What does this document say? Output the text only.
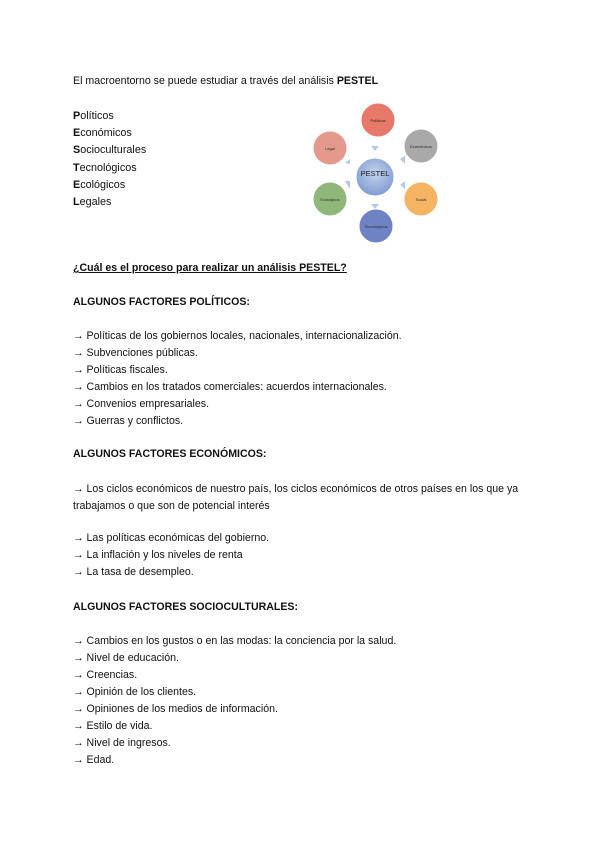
El macroentorno se puede estudiar a través del análisis PESTEL
Políticos
Económicos
Socioculturales
Tecnológicos
Ecológicos
Legales
PESTEL
Políticos
Económicos
Social
Tecnológicos
Ecológicos
Legal
¿Cuál es el proceso para realizar un análisis PESTEL?
ALGUNOS FACTORES POLÍTICOS:
→ Políticas de los gobiernos locales, nacionales, internacionalización.
→ Subvenciones públicas.
→ Políticas fiscales.
→ Cambios en los tratados comerciales: acuerdos internacionales.
→ Convenios empresariales.
→ Guerras y conflictos.
ALGUNOS FACTORES ECONÓMICOS:
→ Los ciclos económicos de nuestro país, los ciclos económicos de otros países en los que ya trabajamos o que son de potencial interés
→ Las políticas económicas del gobierno.
→ La inflación y los niveles de renta
→ La tasa de desempleo.
ALGUNOS FACTORES SOCIOCULTURALES:
→ Cambios en los gustos o en las modas: la conciencia por la salud.
→ Nivel de educación.
→ Creencias.
→ Opinión de los clientes.
→ Opiniones de los medios de información.
→ Estilo de vida.
→ Nivel de ingresos.
→ Edad.
